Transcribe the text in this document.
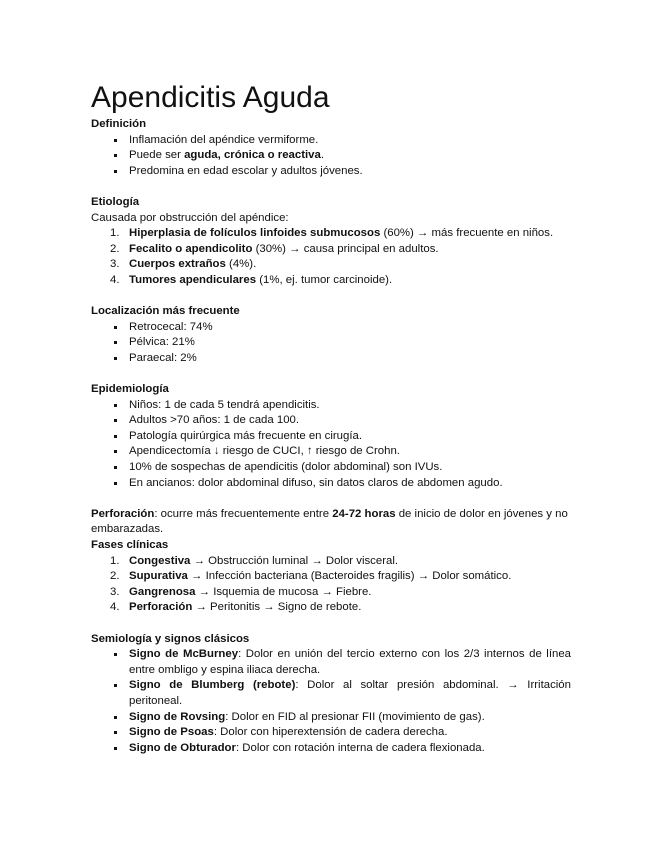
Apendicitis Aguda

Definición

Inflamación del apéndice vermiforme.
Puede ser aguda, crónica o reactiva.
Predomina en edad escolar y adultos jóvenes.

Etiología

Causada por obstrucción del apéndice:

1. Hiperplasia de folículos linfoides submucosos (60%) → más frecuente en niños.
2. Fecalito o apendicolito (30%) → causa principal en adultos.
3. Cuerpos extraños (4%).
4. Tumores apendiculares (1%, ej. tumor carcinoide).

Localización más frecuente

Retrocecal: 74%
Pélvica: 21%
Paraecal: 2%

Epidemiología

Niños: 1 de cada 5 tendrá apendicitis.
Adultos >70 años: 1 de cada 100.
Patología quirúrgica más frecuente en cirugía.
Apendicectomía ↓ riesgo de CUCI, ↑ riesgo de Crohn.
10% de sospechas de apendicitis (dolor abdominal) son IVUs.
En ancianos: dolor abdominal difuso, sin datos claros de abdomen agudo.

Perforación: ocurre más frecuentemente entre 24-72 horas de inicio de dolor en jóvenes y no embarazadas.

Fases clínicas

1. Congestiva → Obstrucción luminal → Dolor visceral.
2. Supurativa → Infección bacteriana (Bacteroides fragilis) → Dolor somático.
3. Gangrenosa → Isquemia de mucosa → Fiebre.
4. Perforación → Peritonitis → Signo de rebote.

Semiología y signos clásicos

Signo de McBurney: Dolor en unión del tercio externo con los 2/3 internos de línea entre ombligo y espina iliaca derecha.
Signo de Blumberg (rebote): Dolor al soltar presión abdominal. → Irritación peritoneal.
Signo de Rovsing: Dolor en FID al presionar FII (movimiento de gas).
Signo de Psoas: Dolor con hiperextensión de cadera derecha.
Signo de Obturador: Dolor con rotación interna de cadera flexionada.
